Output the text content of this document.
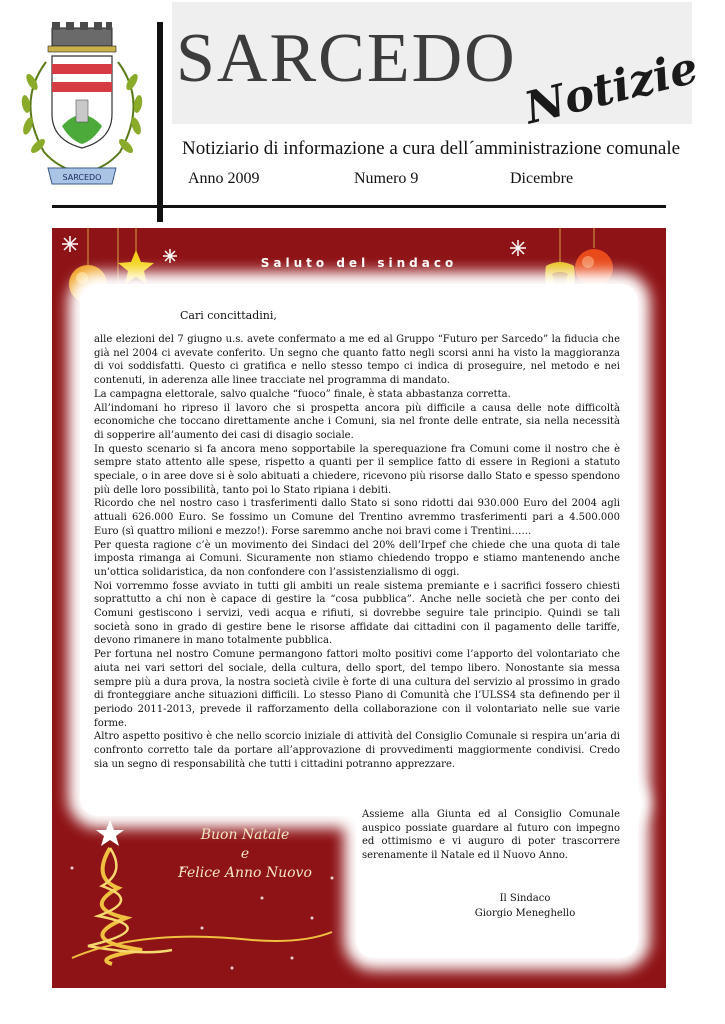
SARCEDO
SARCEDO Notizie
Notiziario di informazione a cura dell´amministrazione comunale
Anno 2009	Numero 9	Dicembre
Saluto del sindaco
Cari concittadini,

alle elezioni del 7 giugno u.s. avete confermato a me ed al Gruppo “Futuro per Sarcedo” la fiducia che già nel 2004 ci avevate conferito. Un segno che quanto fatto negli scorsi anni ha visto la maggioranza di voi soddisfatti. Questo ci gratifica e nello stesso tempo ci indica di proseguire, nel metodo e nei contenuti, in aderenza alle linee tracciate nel programma di mandato.

La campagna elettorale, salvo qualche “fuoco” finale, è stata abbastanza corretta.

All’indomani ho ripreso il lavoro che si prospetta ancora più difficile a causa delle note difficoltà economiche che toccano direttamente anche i Comuni, sia nel fronte delle entrate, sia nella necessità di sopperire all’aumento dei casi di disagio sociale.

In questo scenario si fa ancora meno sopportabile la sperequazione fra Comuni come il nostro che è sempre stato attento alle spese, rispetto a quanti per il semplice fatto di essere in Regioni a statuto speciale, o in aree dove si è solo abituati a chiedere, ricevono più risorse dallo Stato e spesso spendono più delle loro possibilità, tanto poi lo Stato ripiana i debiti.

Ricordo che nel nostro caso i trasferimenti dallo Stato si sono ridotti dai 930.000 Euro del 2004 agli attuali 626.000 Euro. Se fossimo un Comune del Trentino avremmo trasferimenti pari a 4.500.000 Euro (sì quattro milioni e mezzo!). Forse saremmo anche noi bravi come i Trentini……

Per questa ragione c’è un movimento dei Sindaci del 20% dell’Irpef che chiede che una quota di tale imposta rimanga ai Comuni. Sicuramente non stiamo chiedendo troppo e stiamo mantenendo anche un’ottica solidaristica, da non confondere con l’assistenzialismo di oggi.

Noi vorremmo fosse avviato in tutti gli ambiti un reale sistema premiante e i sacrifici fossero chiesti soprattutto a chi non è capace di gestire la “cosa pubblica”. Anche nelle società che per conto dei Comuni gestiscono i servizi, vedi acqua e rifiuti, si dovrebbe seguire tale principio. Quindi se tali società sono in grado di gestire bene le risorse affidate dai cittadini con il pagamento delle tariffe, devono rimanere in mano totalmente pubblica.

Per fortuna nel nostro Comune permangono fattori molto positivi come l’apporto del volontariato che aiuta nei vari settori del sociale, della cultura, dello sport, del tempo libero. Nonostante sia messa sempre più a dura prova, la nostra società civile è forte di una cultura del servizio al prossimo in grado di fronteggiare anche situazioni difficili. Lo stesso Piano di Comunità che l’ULSS4 sta definendo per il periodo 2011-2013, prevede il rafforzamento della collaborazione con il volontariato nelle sue varie forme.

Altro aspetto positivo è che nello scorcio iniziale di attività del Consiglio Comunale si respira un’aria di confronto corretto tale da portare all’approvazione di provvedimenti maggiormente condivisi. Credo sia un segno di responsabilità che tutti i cittadini potranno apprezzare.

Assieme alla Giunta ed al Consiglio Comunale auspico possiate guardare al futuro con impegno ed ottimismo e vi auguro di poter trascorrere serenamente il Natale ed il Nuovo Anno.

Il Sindaco
Giorgio Meneghello
Buon Natale
e
Felice Anno Nuovo
